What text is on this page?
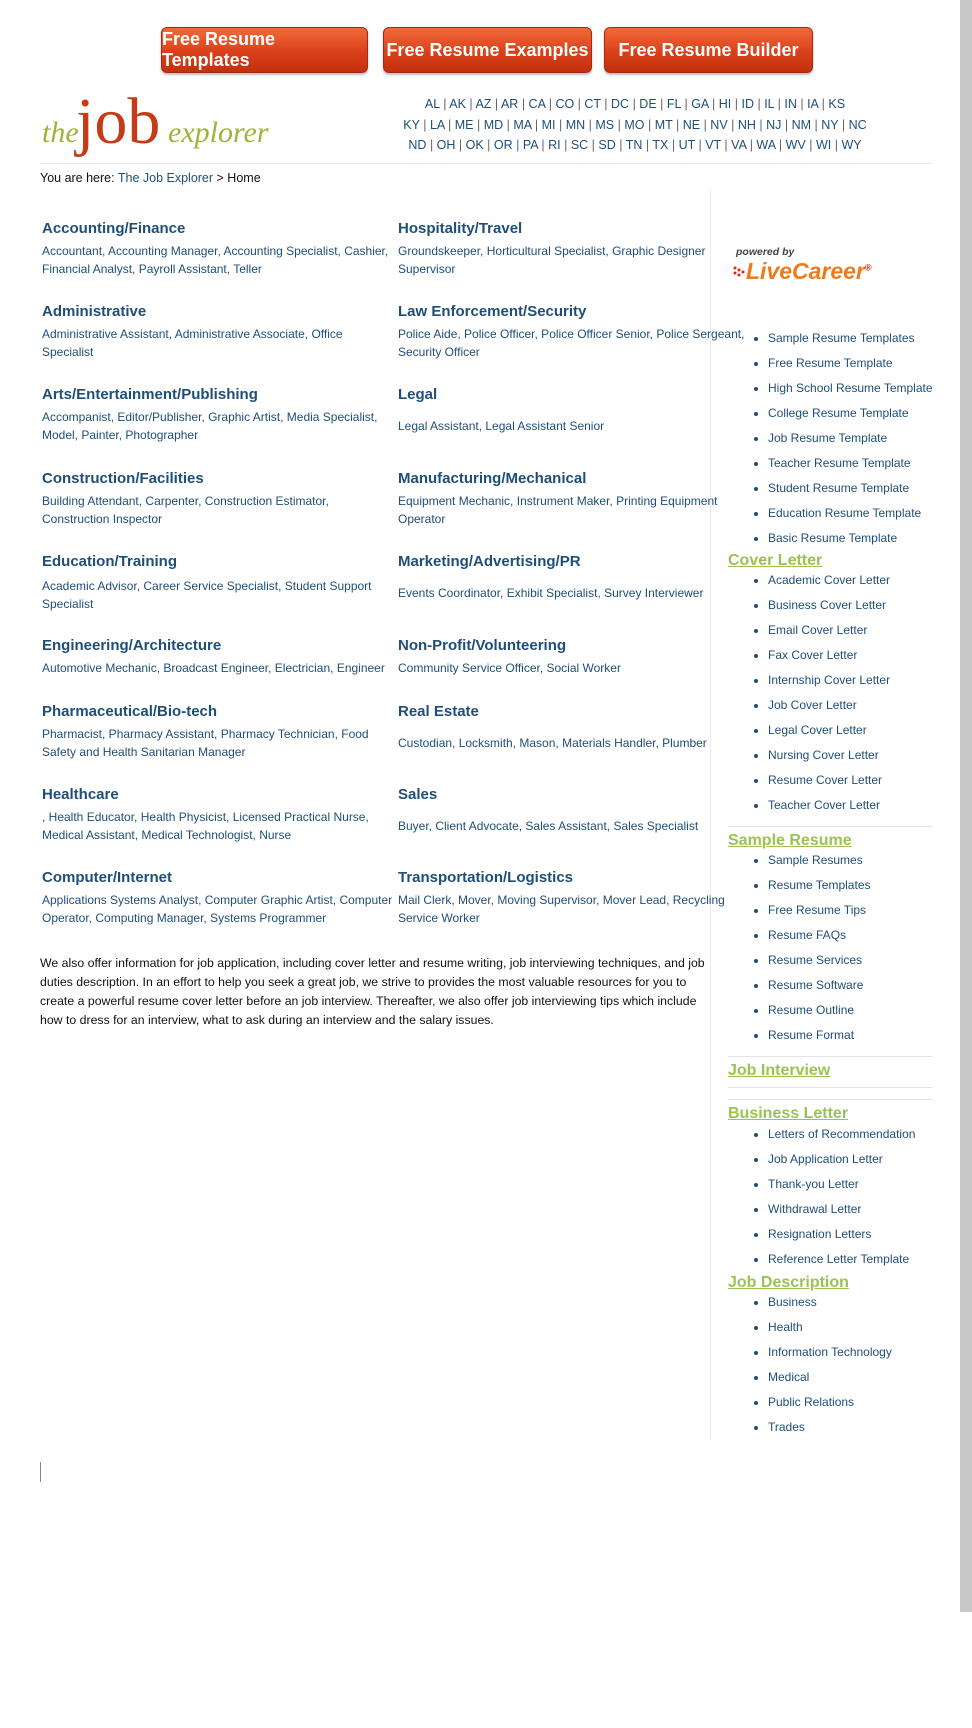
Free Resume Templates
Free Resume Examples	Free Resume Builder
the
job explorer
AL | AK | AZ | AR | CA | CO | CT | DC | DE | FL | GA | HI | ID | IL | IN | IA | KS
KY | LA | ME | MD | MA | MI | MN | MS | MO | MT | NE | NV | NH | NJ | NM | NY | NC
ND | OH | OK | OR | PA | RI | SC | SD | TN | TX | UT | VT | VA | WA | WV | WI | WY
You are here: The Job Explorer > Home
Accounting/Finance

Accountant, Accounting Manager, Accounting Specialist, Cashier, Financial Analyst, Payroll Assistant, Teller

Hospitality/Travel

Groundskeeper, Horticultural Specialist, Graphic Designer Supervisor

Administrative

Administrative Assistant, Administrative Associate, Office Specialist

Law Enforcement/Security

Police Aide, Police Officer, Police Officer Senior, Police Sergeant, Security Officer

Arts/Entertainment/Publishing

Accompanist, Editor/Publisher, Graphic Artist, Media Specialist, Model, Painter, Photographer

Legal

Legal Assistant, Legal Assistant Senior

Construction/Facilities

Building Attendant, Carpenter, Construction Estimator, Construction Inspector

Manufacturing/Mechanical

Equipment Mechanic, Instrument Maker, Printing Equipment Operator

Education/Training

Academic Advisor, Career Service Specialist, Student Support Specialist

Marketing/Advertising/PR

Events Coordinator, Exhibit Specialist, Survey Interviewer

Engineering/Architecture

Automotive Mechanic, Broadcast Engineer, Electrician, Engineer

Non-Profit/Volunteering

Community Service Officer, Social Worker

Pharmaceutical/Bio-tech

Pharmacist, Pharmacy Assistant, Pharmacy Technician, Food Safety and Health Sanitarian Manager

Real Estate

Custodian, Locksmith, Mason, Materials Handler, Plumber

Healthcare

, Health Educator, Health Physicist, Licensed Practical Nurse, Medical Assistant, Medical Technologist, Nurse

Sales

Buyer, Client Advocate, Sales Assistant, Sales Specialist

Computer/Internet

Applications Systems Analyst, Computer Graphic Artist, Computer Operator, Computing Manager, Systems Programmer

Transportation/Logistics

Mail Clerk, Mover, Moving Supervisor, Mover Lead, Recycling Service Worker

We also offer information for job application, including cover letter and resume writing, job interviewing techniques, and job duties description. In an effort to help you seek a great job, we strive to provides the most valuable resources for you to create a powerful resume cover letter before an job interview. Thereafter, we also offer job interviewing tips which include how to dress for an interview, what to ask during an interview and the salary issues.
powered by
LiveCareer®
• Sample Resume Templates
• Free Resume Template
• High School Resume Template
• College Resume Template
• Job Resume Template
• Teacher Resume Template
• Student Resume Template
• Education Resume Template
• Basic Resume Template
Cover Letter
• Academic Cover Letter
• Business Cover Letter
• Email Cover Letter
• Fax Cover Letter
• Internship Cover Letter
• Job Cover Letter
• Legal Cover Letter
• Nursing Cover Letter
• Resume Cover Letter
• Teacher Cover Letter
Sample Resume
• Sample Resumes
• Resume Templates
• Free Resume Tips
• Resume FAQs
• Resume Services
• Resume Software
• Resume Outline
• Resume Format
Job Interview
Business Letter
• Letters of Recommendation
• Job Application Letter
• Thank-you Letter
• Withdrawal Letter
• Resignation Letters
• Reference Letter Template
Job Description
• Business
• Health
• Information Technology
• Medical
• Public Relations
• Trades
